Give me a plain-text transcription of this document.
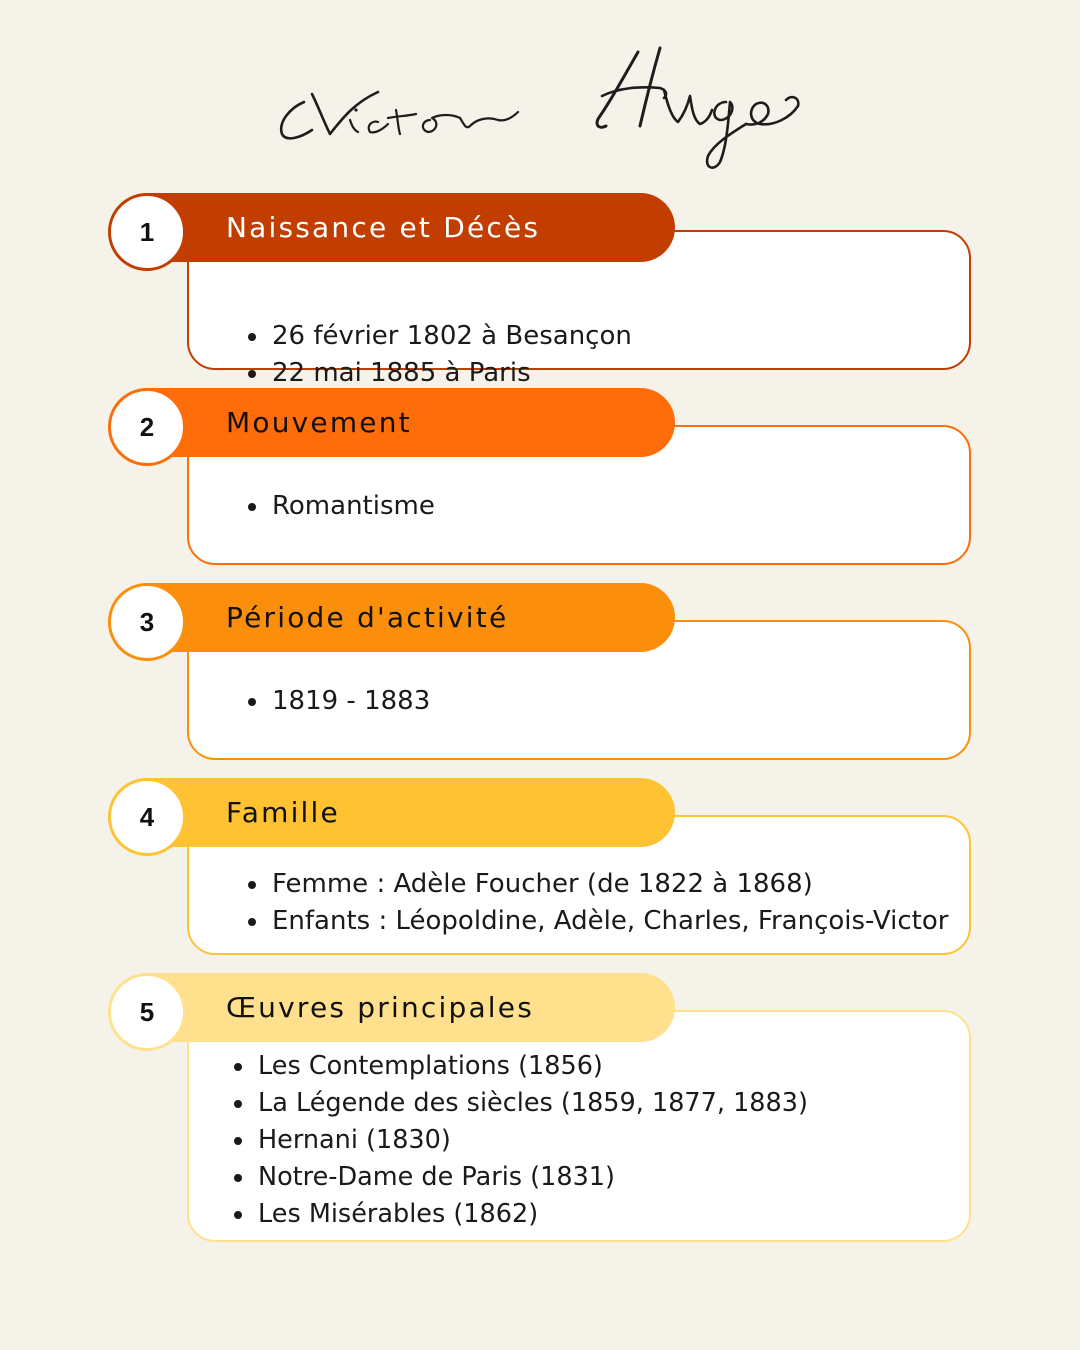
26 février 1802 à Besançon
22 mai 1885 à Paris
Naissance et Décès
1
Romantisme
Mouvement
2
1819 - 1883
Période d'activité
3
Femme : Adèle Foucher (de 1822 à 1868)
Enfants : Léopoldine, Adèle, Charles, François-Victor
Famille
4
Les Contemplations (1856)
La Légende des siècles (1859, 1877, 1883)
Hernani (1830)
Notre-Dame de Paris (1831)
Les Misérables (1862)
Œuvres principales
5
